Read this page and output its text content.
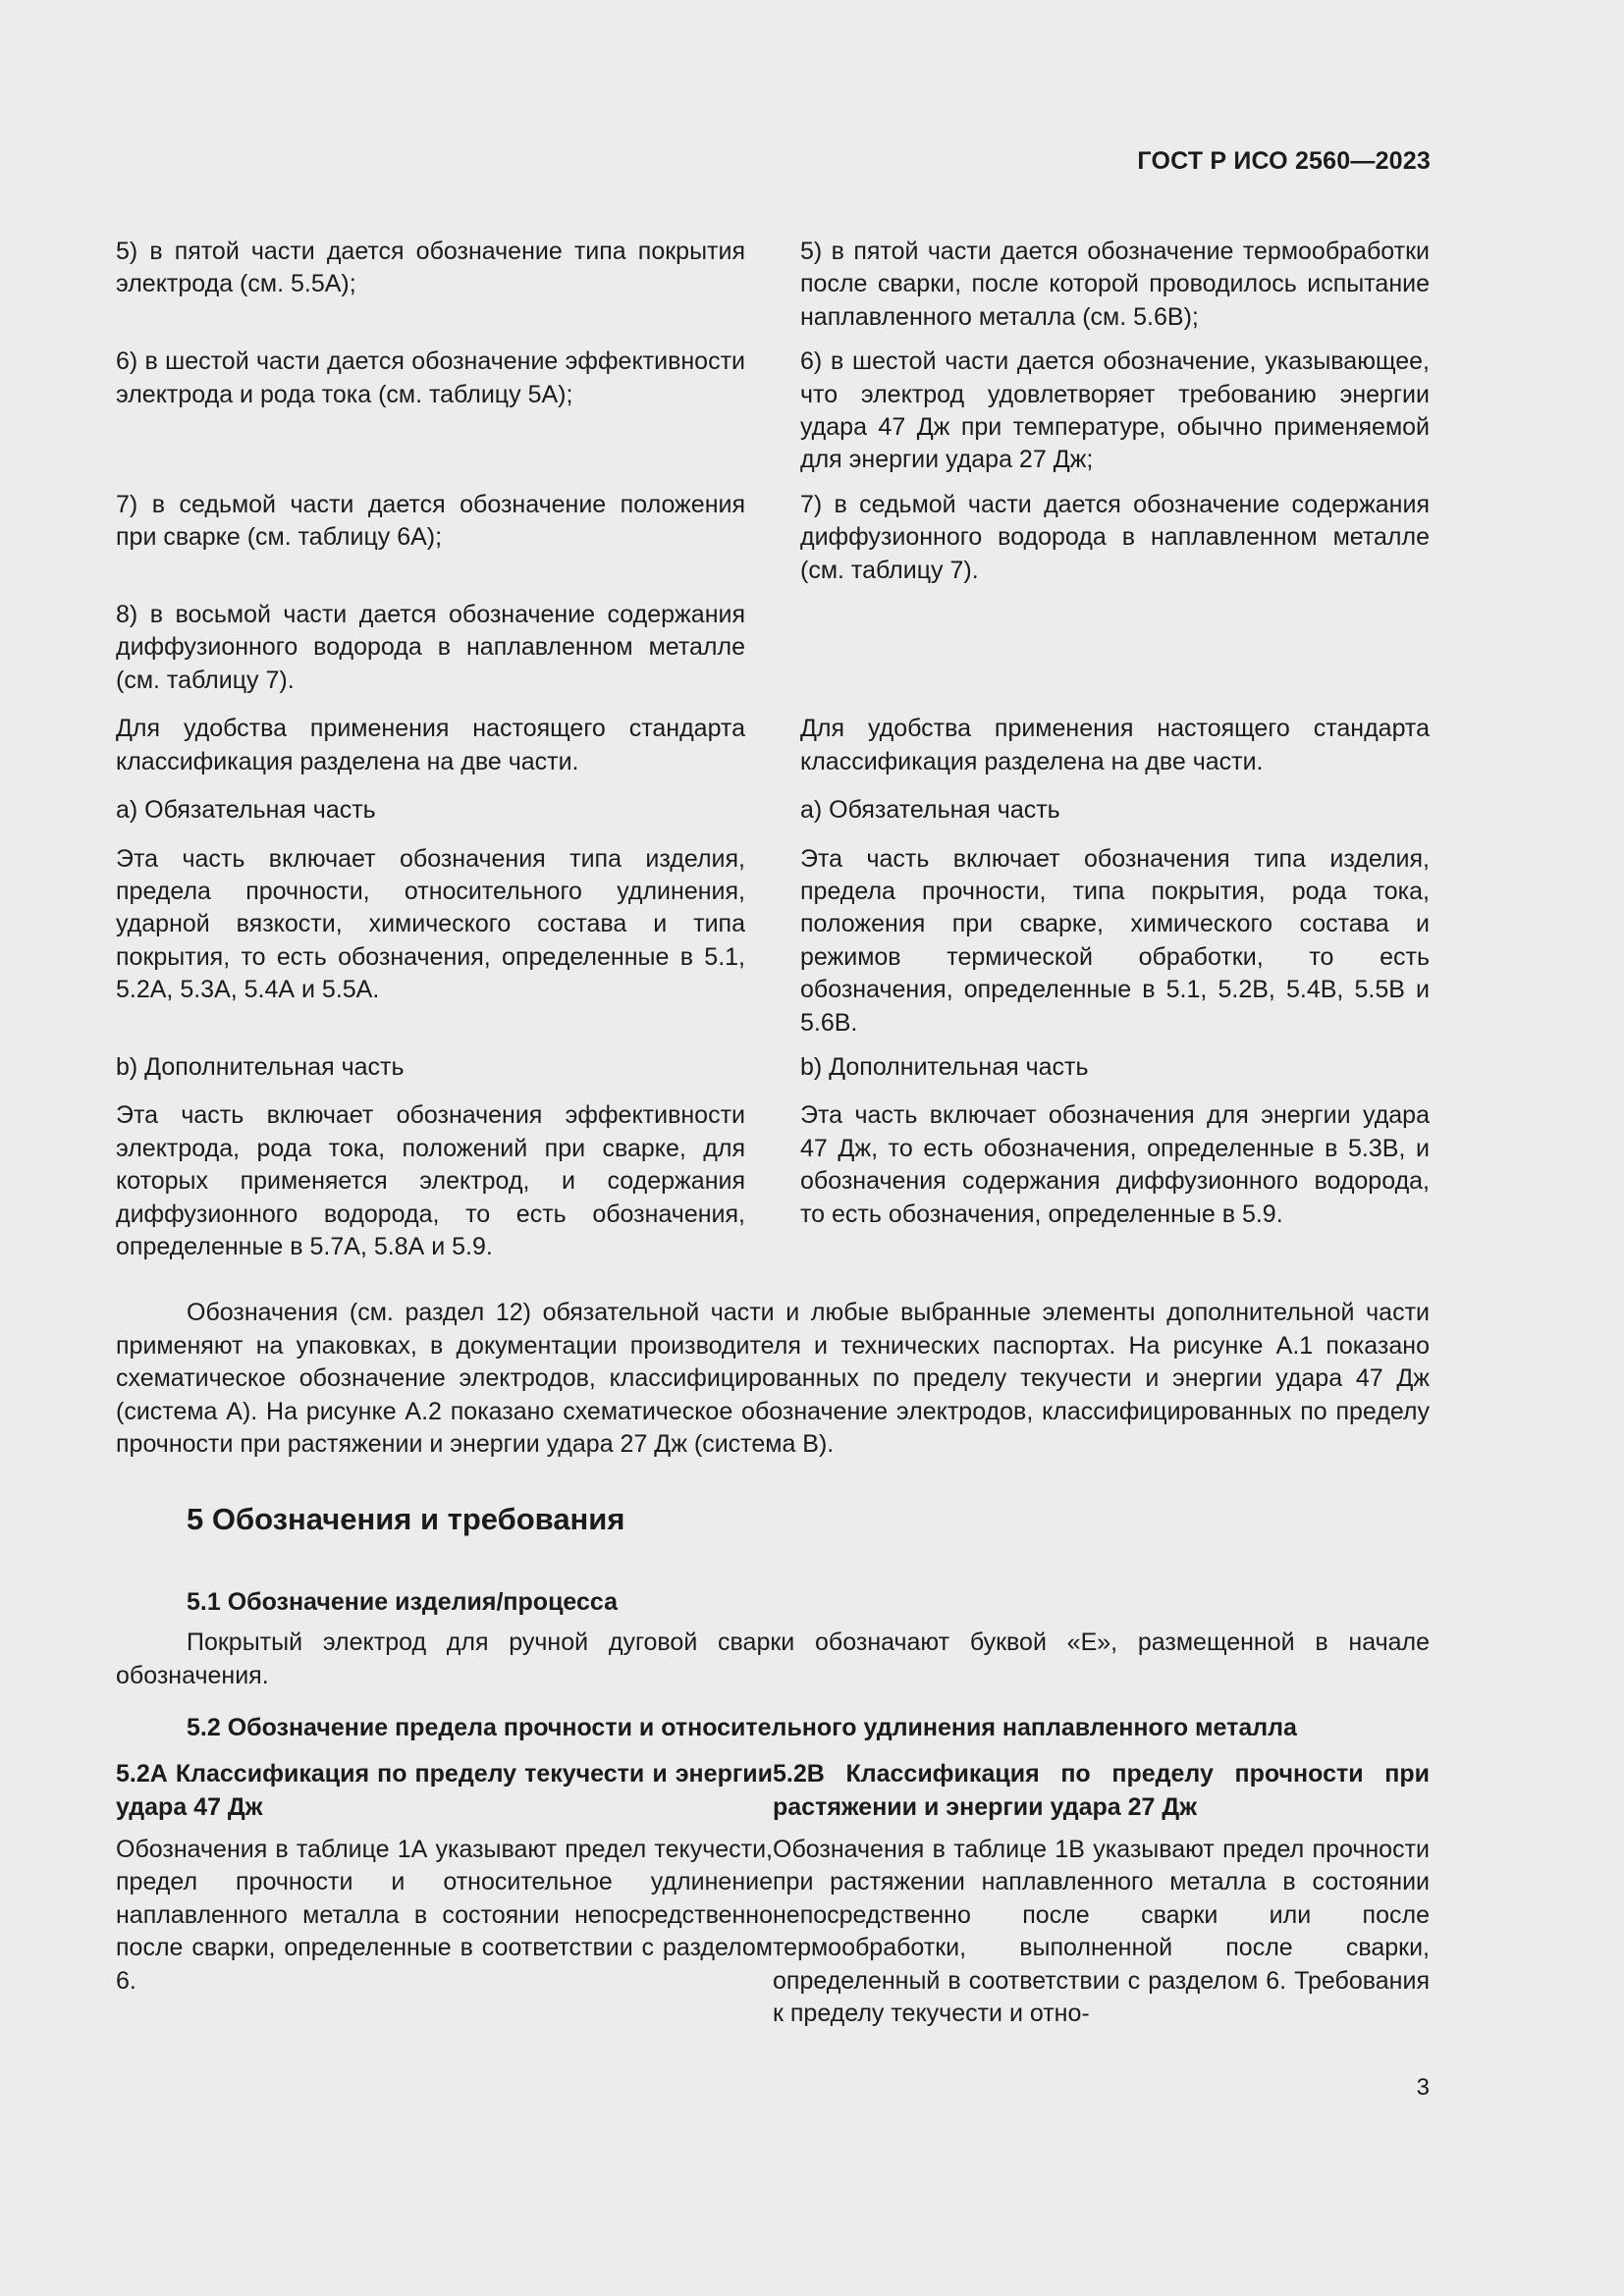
ГОСТ Р ИСО 2560—2023

5) в пятой части дается обозначение типа покрытия электрода (см. 5.5А);

5) в пятой части дается обозначение термообработки после сварки, после которой проводилось испытание наплавленного металла (см. 5.6В);

6) в шестой части дается обозначение эффективности электрода и рода тока (см. таблицу 5А);

6) в шестой части дается обозначение, указывающее, что электрод удовлетворяет требованию энергии удара 47 Дж при температуре, обычно применяемой для энергии удара 27 Дж;

7) в седьмой части дается обозначение положения при сварке (см. таблицу 6А);

7) в седьмой части дается обозначение содержания диффузионного водорода в наплавленном металле (см. таблицу 7).

8) в восьмой части дается обозначение содержания диффузионного водорода в наплавленном металле (см. таблицу 7).

Для удобства применения настоящего стандарта классификация разделена на две части.

Для удобства применения настоящего стандарта классификация разделена на две части.

а) Обязательная часть	а) Обязательная часть

Эта часть включает обозначения типа изделия, предела прочности, относительного удлинения, ударной вязкости, химического состава и типа покрытия, то есть обозначения, определенные в 5.1, 5.2А, 5.3А, 5.4А и 5.5А.

Эта часть включает обозначения типа изделия, предела прочности, типа покрытия, рода тока, положения при сварке, химического состава и режимов термической обработки, то есть обозначения, определенные в 5.1, 5.2В, 5.4В, 5.5В и 5.6В.

b) Дополнительная часть	b) Дополнительная часть

Эта часть включает обозначения эффективности электрода, рода тока, положений при сварке, для которых применяется электрод, и содержания диффузионного водорода, то есть обозначения, определенные в 5.7А, 5.8А и 5.9.

Эта часть включает обозначения для энергии удара 47 Дж, то есть обозначения, определенные в 5.3В, и обозначения содержания диффузионного водорода, то есть обозначения, определенные в 5.9.

Обозначения (см. раздел 12) обязательной части и любые выбранные элементы дополнительной части применяют на упаковках, в документации производителя и технических паспортах. На рисунке А.1 показано схематическое обозначение электродов, классифицированных по пределу текучести и энергии удара 47 Дж (система А). На рисунке А.2 показано схематическое обозначение электродов, классифицированных по пределу прочности при растяжении и энергии удара 27 Дж (система В).

5 Обозначения и требования
5.1 Обозначение изделия/процесса

Покрытый электрод для ручной дуговой сварки обозначают буквой «Е», размещенной в начале обозначения.

5.2 Обозначение предела прочности и относительного удлинения наплавленного металла
5.2А Классификация по пределу текучести и энергии удара 47 Дж

Обозначения в таблице 1А указывают предел текучести, предел прочности и относительное удлинение наплавленного металла в состоянии непосредственно после сварки, определенные в соответствии с разделом 6.

5.2В Классификация по пределу прочности при растяжении и энергии удара 27 Дж

Обозначения в таблице 1В указывают предел прочности при растяжении наплавленного металла в состоянии непосредственно после сварки или после термообработки, выполненной после сварки, определенный в соответствии с разделом 6. Требования к пределу текучести и отно-

3
